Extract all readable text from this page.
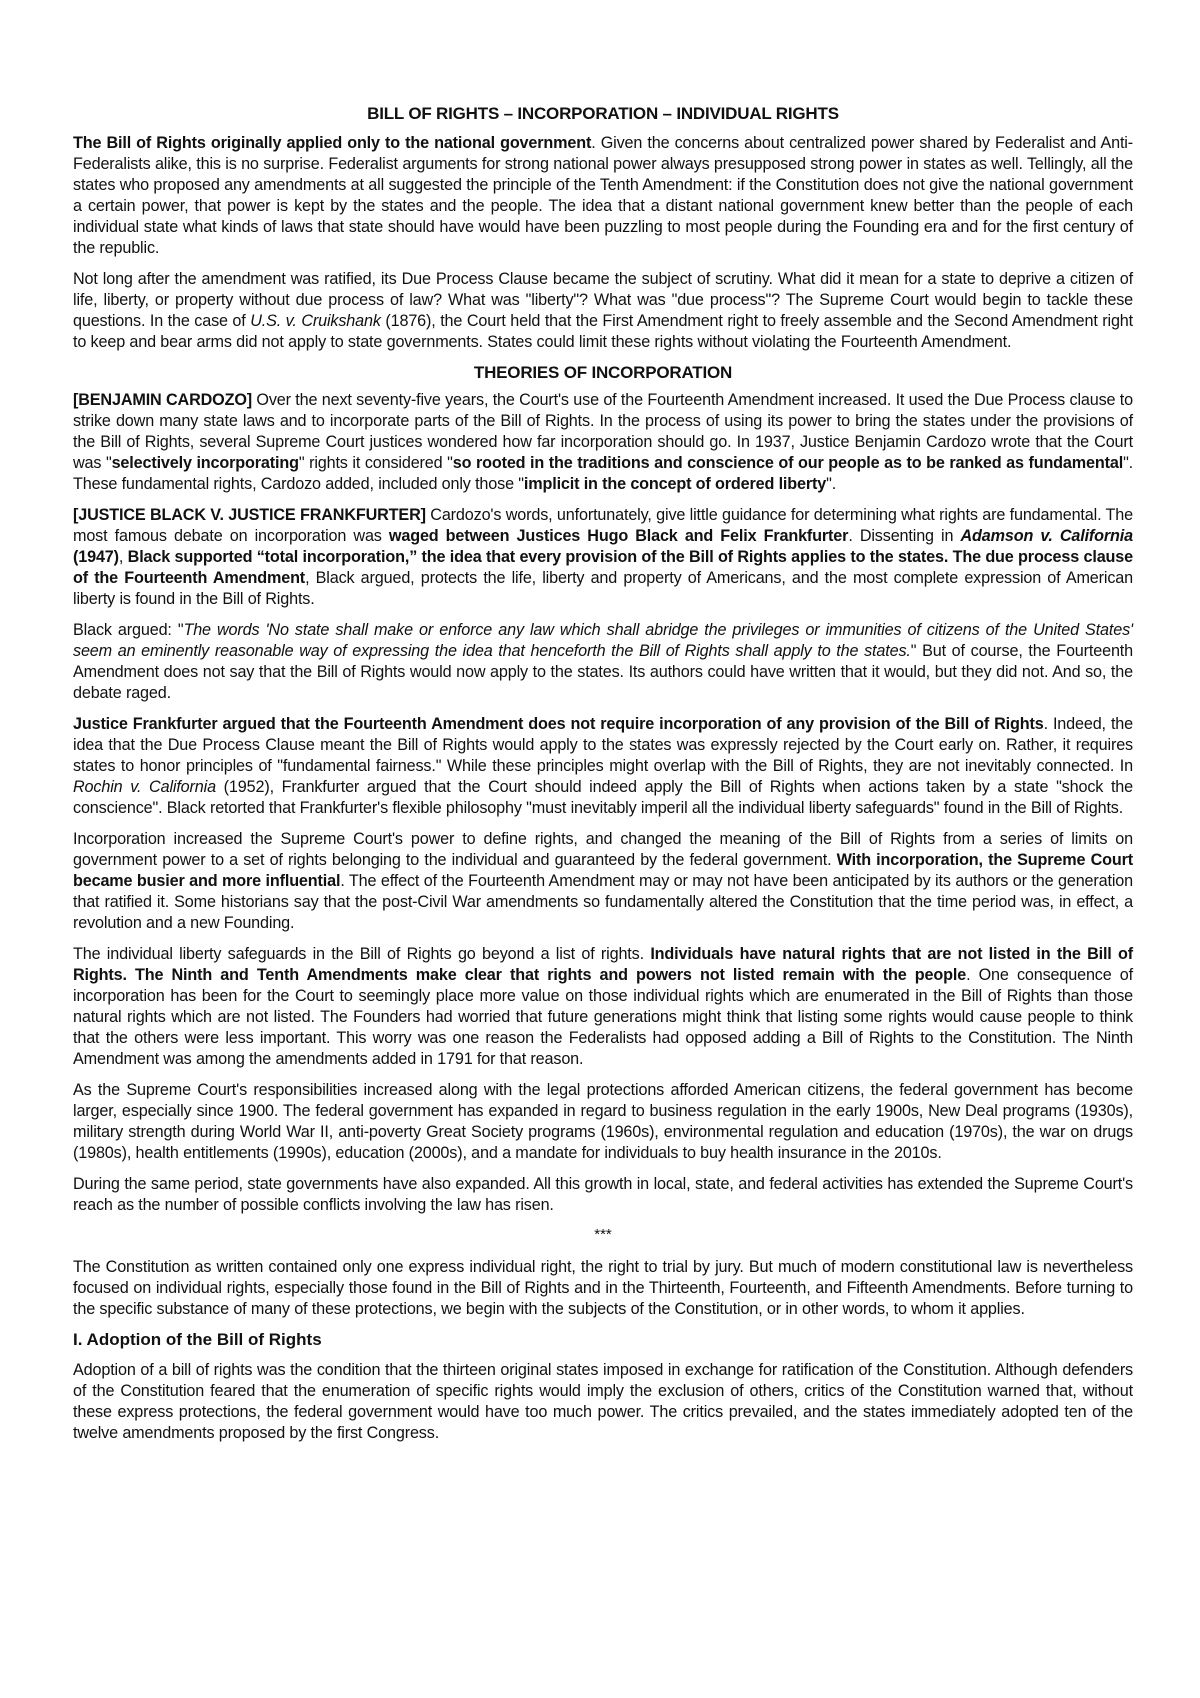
BILL OF RIGHTS – INCORPORATION – INDIVIDUAL RIGHTS

The Bill of Rights originally applied only to the national government. Given the concerns about centralized power shared by Federalist and Anti-Federalists alike, this is no surprise. Federalist arguments for strong national power always presupposed strong power in states as well. Tellingly, all the states who proposed any amendments at all suggested the principle of the Tenth Amendment: if the Constitution does not give the national government a certain power, that power is kept by the states and the people. The idea that a distant national government knew better than the people of each individual state what kinds of laws that state should have would have been puzzling to most people during the Founding era and for the first century of the republic.

Not long after the amendment was ratified, its Due Process Clause became the subject of scrutiny. What did it mean for a state to deprive a citizen of life, liberty, or property without due process of law? What was "liberty"? What was "due process"? The Supreme Court would begin to tackle these questions. In the case of U.S. v. Cruikshank (1876), the Court held that the First Amendment right to freely assemble and the Second Amendment right to keep and bear arms did not apply to state governments. States could limit these rights without violating the Fourteenth Amendment.

THEORIES OF INCORPORATION

[BENJAMIN CARDOZO] Over the next seventy-five years, the Court's use of the Fourteenth Amendment increased. It used the Due Process clause to strike down many state laws and to incorporate parts of the Bill of Rights. In the process of using its power to bring the states under the provisions of the Bill of Rights, several Supreme Court justices wondered how far incorporation should go. In 1937, Justice Benjamin Cardozo wrote that the Court was "selectively incorporating" rights it considered "so rooted in the traditions and conscience of our people as to be ranked as fundamental". These fundamental rights, Cardozo added, included only those "implicit in the concept of ordered liberty".

[JUSTICE BLACK V. JUSTICE FRANKFURTER] Cardozo's words, unfortunately, give little guidance for determining what rights are fundamental. The most famous debate on incorporation was waged between Justices Hugo Black and Felix Frankfurter. Dissenting in Adamson v. California (1947), Black supported “total incorporation,” the idea that every provision of the Bill of Rights applies to the states. The due process clause of the Fourteenth Amendment, Black argued, protects the life, liberty and property of Americans, and the most complete expression of American liberty is found in the Bill of Rights.

Black argued: "The words 'No state shall make or enforce any law which shall abridge the privileges or immunities of citizens of the United States' seem an eminently reasonable way of expressing the idea that henceforth the Bill of Rights shall apply to the states." But of course, the Fourteenth Amendment does not say that the Bill of Rights would now apply to the states. Its authors could have written that it would, but they did not. And so, the debate raged.

Justice Frankfurter argued that the Fourteenth Amendment does not require incorporation of any provision of the Bill of Rights. Indeed, the idea that the Due Process Clause meant the Bill of Rights would apply to the states was expressly rejected by the Court early on. Rather, it requires states to honor principles of "fundamental fairness." While these principles might overlap with the Bill of Rights, they are not inevitably connected. In Rochin v. California (1952), Frankfurter argued that the Court should indeed apply the Bill of Rights when actions taken by a state "shock the conscience". Black retorted that Frankfurter's flexible philosophy "must inevitably imperil all the individual liberty safeguards" found in the Bill of Rights.

Incorporation increased the Supreme Court's power to define rights, and changed the meaning of the Bill of Rights from a series of limits on government power to a set of rights belonging to the individual and guaranteed by the federal government. With incorporation, the Supreme Court became busier and more influential. The effect of the Fourteenth Amendment may or may not have been anticipated by its authors or the generation that ratified it. Some historians say that the post-Civil War amendments so fundamentally altered the Constitution that the time period was, in effect, a revolution and a new Founding.

The individual liberty safeguards in the Bill of Rights go beyond a list of rights. Individuals have natural rights that are not listed in the Bill of Rights. The Ninth and Tenth Amendments make clear that rights and powers not listed remain with the people. One consequence of incorporation has been for the Court to seemingly place more value on those individual rights which are enumerated in the Bill of Rights than those natural rights which are not listed. The Founders had worried that future generations might think that listing some rights would cause people to think that the others were less important. This worry was one reason the Federalists had opposed adding a Bill of Rights to the Constitution. The Ninth Amendment was among the amendments added in 1791 for that reason.

As the Supreme Court's responsibilities increased along with the legal protections afforded American citizens, the federal government has become larger, especially since 1900. The federal government has expanded in regard to business regulation in the early 1900s, New Deal programs (1930s), military strength during World War II, anti-poverty Great Society programs (1960s), environmental regulation and education (1970s), the war on drugs (1980s), health entitlements (1990s), education (2000s), and a mandate for individuals to buy health insurance in the 2010s.

During the same period, state governments have also expanded. All this growth in local, state, and federal activities has extended the Supreme Court's reach as the number of possible conflicts involving the law has risen.

***

The Constitution as written contained only one express individual right, the right to trial by jury. But much of modern constitutional law is nevertheless focused on individual rights, especially those found in the Bill of Rights and in the Thirteenth, Fourteenth, and Fifteenth Amendments. Before turning to the specific substance of many of these protections, we begin with the subjects of the Constitution, or in other words, to whom it applies.

I. Adoption of the Bill of Rights

Adoption of a bill of rights was the condition that the thirteen original states imposed in exchange for ratification of the Constitution. Although defenders of the Constitution feared that the enumeration of specific rights would imply the exclusion of others, critics of the Constitution warned that, without these express protections, the federal government would have too much power. The critics prevailed, and the states immediately adopted ten of the twelve amendments proposed by the first Congress.
